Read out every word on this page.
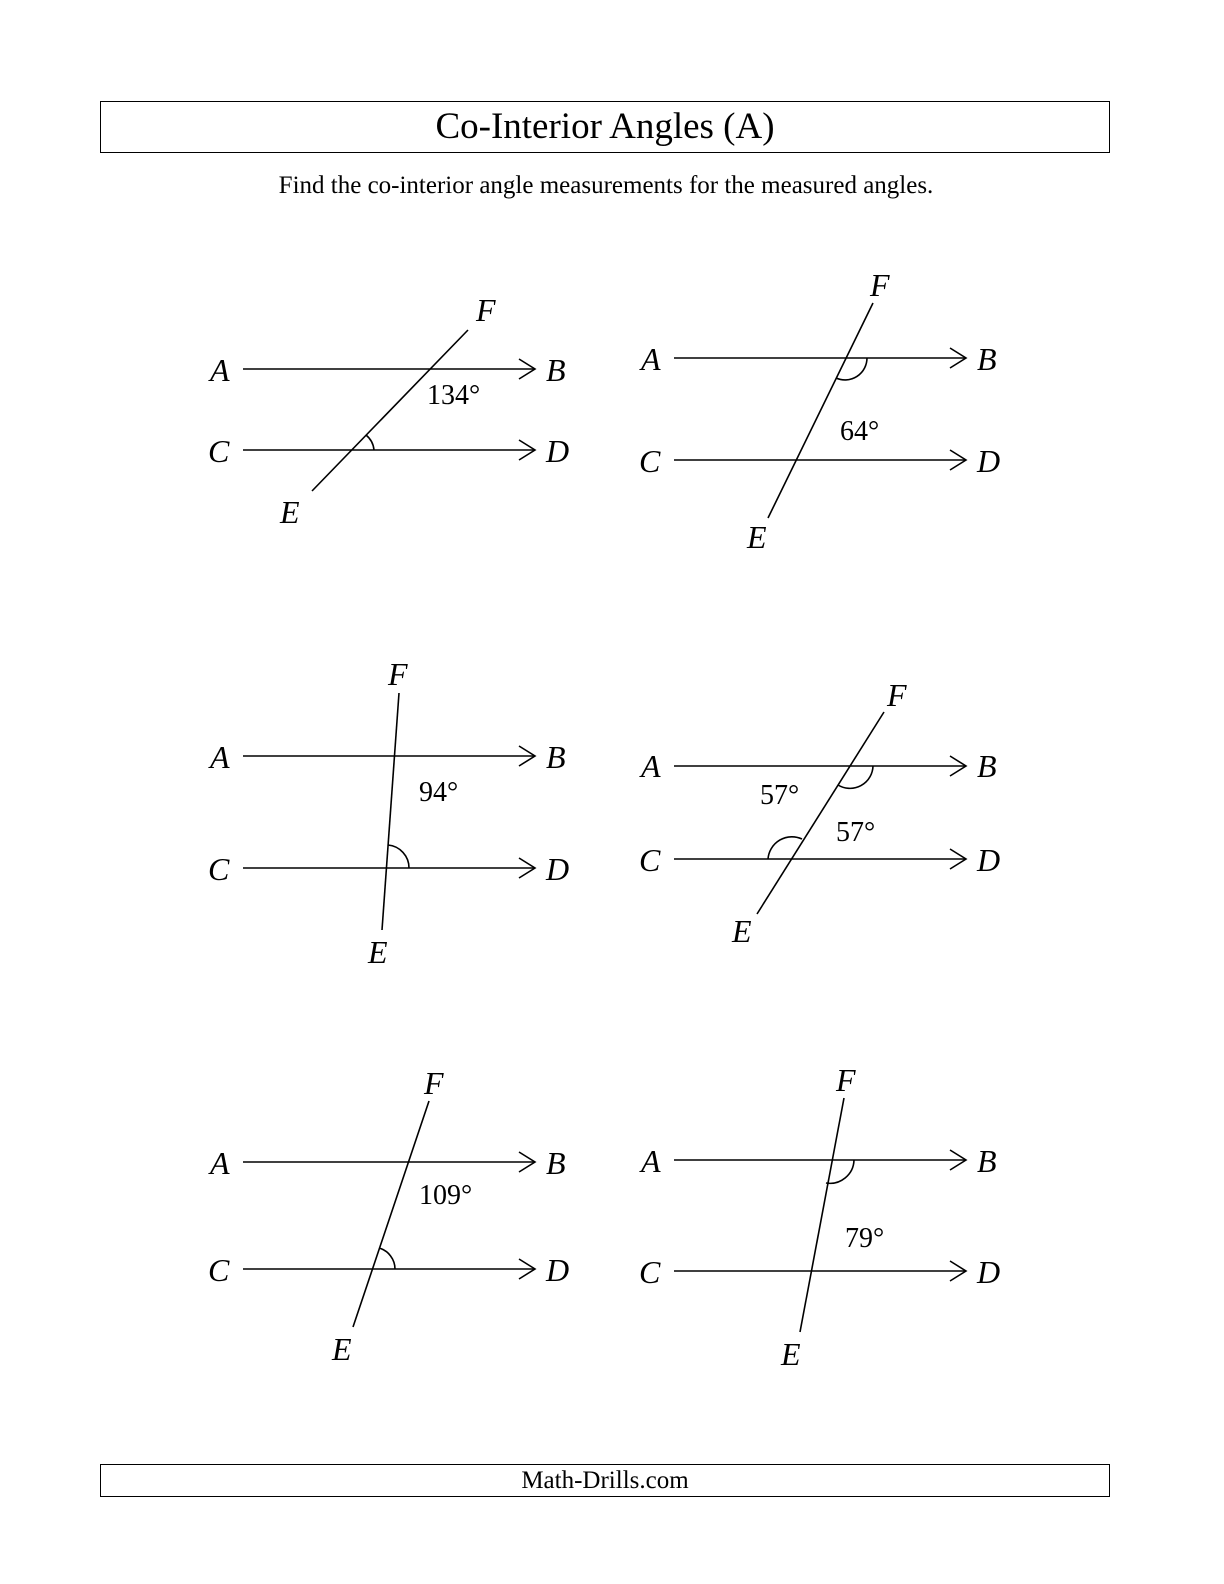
Co-Interior Angles (A)
Find the co-interior angle measurements for the measured angles.
A	B
C	D
E
F
134°
A	B
C	D
E
F
64°
A	B
C	D
E
F
94°
A	B
C	D
E
F
57°
57°
A	B
C	D
E
F
109°
A	B
C	D
E
F
79°
Math-Drills.com
